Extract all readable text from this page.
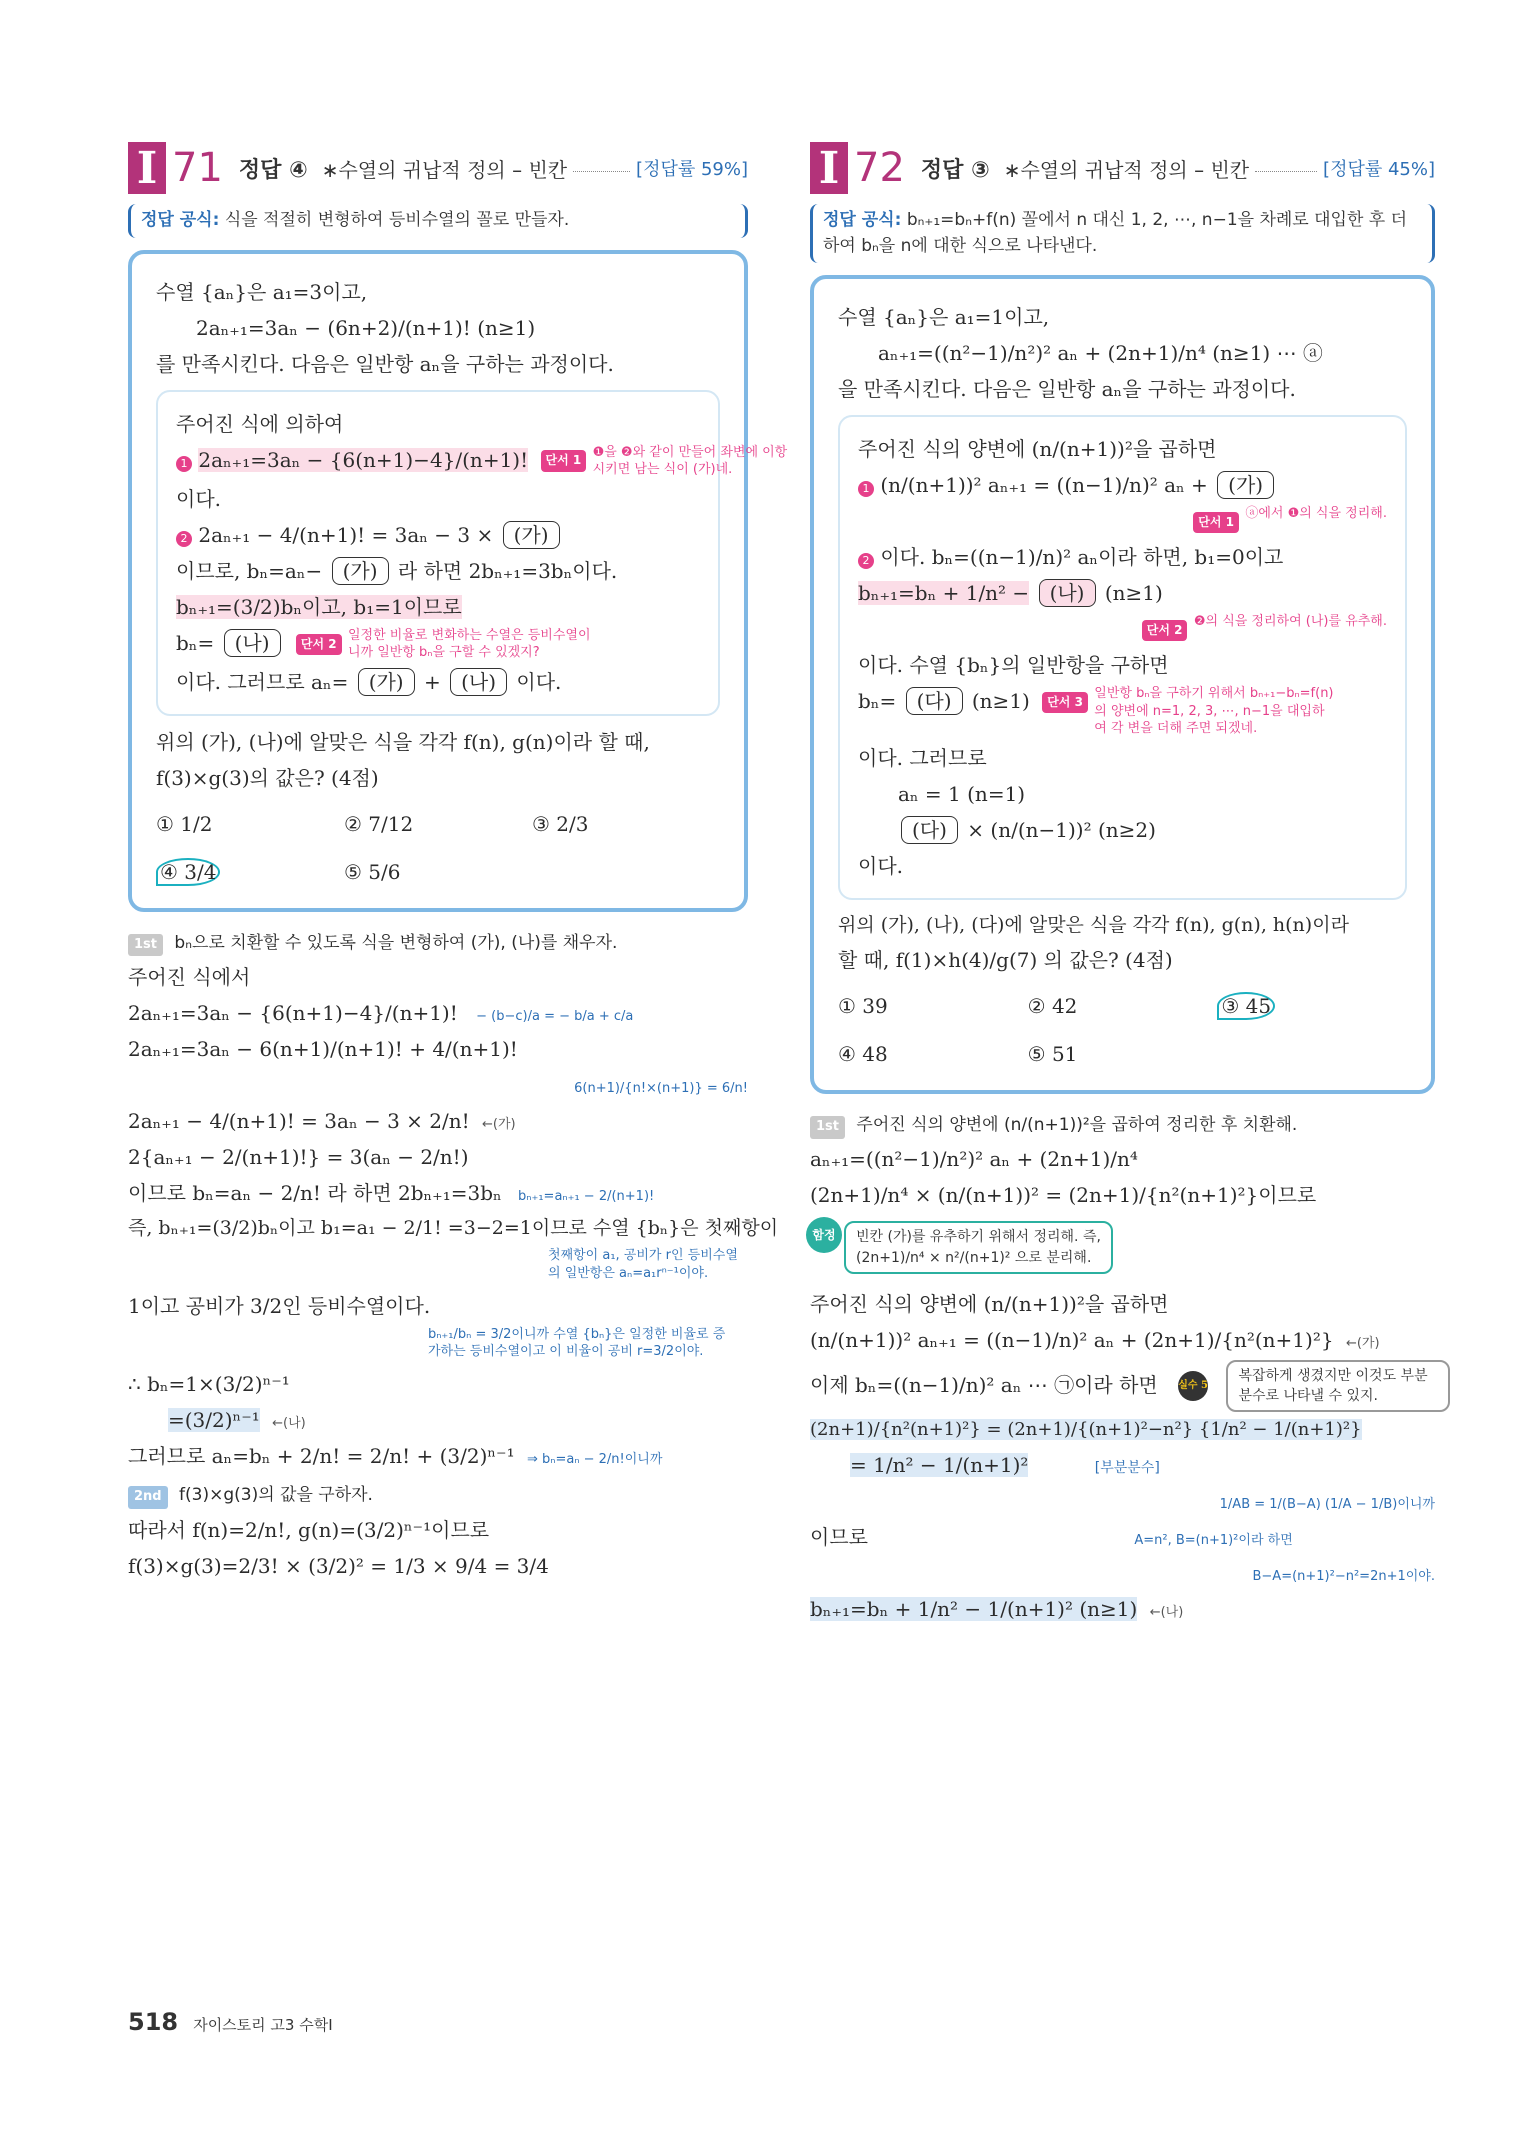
I 71 정답 ④ ∗수열의 귀납적 정의 – 빈칸	[정답률 59%]
정답 공식: 식을 적절히 변형하여 등비수열의 꼴로 만들자.
수열 {aₙ}은 a₁=3이고,
2aₙ₊₁=3aₙ − (6n+2)/(n+1)! (n≥1)
를 만족시킨다. 다음은 일반항 aₙ을 구하는 과정이다.
주어진 식에 의하여
1 2aₙ₊₁=3aₙ − {6(n+1)−4}/(n+1)! 단서 1 ❶을 ❷와 같이 만들어 좌변에 이항시키면 남는 식이 (가)네.
이다.
2 2aₙ₊₁ − 4/(n+1)! = 3aₙ − 3 × (가)
이므로, bₙ=aₙ− (가) 라 하면 2bₙ₊₁=3bₙ이다.
bₙ₊₁=(3/2)bₙ이고, b₁=1이므로
bₙ= (나)	단서 2 일정한 비율로 변화하는 수열은 등비수열이니까 일반항 bₙ을 구할 수 있겠지?
이다. 그러므로 aₙ= (가) + (나) 이다.
위의 (가), (나)에 알맞은 식을 각각 f(n), g(n)이라 할 때,
f(3)×g(3)의 값은? (4점)
① 1/2	② 7/12	③ 2/3
④ 3/4	⑤ 5/6
1st bₙ으로 치환할 수 있도록 식을 변형하여 (가), (나)를 채우자.
주어진 식에서
2aₙ₊₁=3aₙ − {6(n+1)−4}/(n+1)! − (b−c)/a = − b/a + c/a
2aₙ₊₁=3aₙ − 6(n+1)/(n+1)! + 4/(n+1)!
6(n+1)/{n!×(n+1)} = 6/n!
2aₙ₊₁ − 4/(n+1)! = 3aₙ − 3 × 2/n! ←(가)
2{aₙ₊₁ − 2/(n+1)!} = 3(aₙ − 2/n!)
이므로 bₙ=aₙ − 2/n! 라 하면 2bₙ₊₁=3bₙ bₙ₊₁=aₙ₊₁ − 2/(n+1)!
즉, bₙ₊₁=(3/2)bₙ이고 b₁=a₁ − 2/1! =3−2=1이므로 수열 {bₙ}은 첫째항이
첫째항이 a₁, 공비가 r인 등비수열의 일반항은 aₙ=a₁rⁿ⁻¹이야.
1이고 공비가 3/2인 등비수열이다.
bₙ₊₁/bₙ = 3/2이니까 수열 {bₙ}은 일정한 비율로 증가하는 등비수열이고 이 비율이 공비 r=3/2이야.
∴ bₙ=1×(3/2)ⁿ⁻¹
=(3/2)ⁿ⁻¹ ←(나)
그러므로 aₙ=bₙ + 2/n! = 2/n! + (3/2)ⁿ⁻¹ ⇒ bₙ=aₙ − 2/n!이니까
2nd f(3)×g(3)의 값을 구하자.
따라서 f(n)=2/n!, g(n)=(3/2)ⁿ⁻¹이므로
f(3)×g(3)=2/3! × (3/2)² = 1/3 × 9/4 = 3/4
I 72 정답 ③ ∗수열의 귀납적 정의 – 빈칸	[정답률 45%]
정답 공식: bₙ₊₁=bₙ+f(n) 꼴에서 n 대신 1, 2, ⋯, n−1을 차례로 대입한 후 더하여 bₙ을 n에 대한 식으로 나타낸다.
수열 {aₙ}은 a₁=1이고,
aₙ₊₁=((n²−1)/n²)² aₙ + (2n+1)/n⁴ (n≥1) ⋯ ⓐ
을 만족시킨다. 다음은 일반항 aₙ을 구하는 과정이다.
주어진 식의 양변에 (n/(n+1))²을 곱하면
1 (n/(n+1))² aₙ₊₁ = ((n−1)/n)² aₙ + (가)
단서 1 ⓐ에서 ❶의 식을 정리해.
2 이다. bₙ=((n−1)/n)² aₙ이라 하면, b₁=0이고
bₙ₊₁=bₙ + 1/n² − (나) (n≥1)
단서 2 ❷의 식을 정리하여 (나)를 유추해.
이다. 수열 {bₙ}의 일반항을 구하면
bₙ= (다) (n≥1) 단서 3 일반항 bₙ을 구하기 위해서 bₙ₊₁−bₙ=f(n)의 양변에 n=1, 2, 3, ⋯, n−1을 대입하여 각 변을 더해 주면 되겠네.
이다. 그러므로
aₙ = 1 (n=1)
(다) × (n/(n−1))² (n≥2)
이다.
위의 (가), (나), (다)에 알맞은 식을 각각 f(n), g(n), h(n)이라
할 때, f(1)×h(4)/g(7) 의 값은? (4점)
① 39	② 42	③ 45
④ 48	⑤ 51
1st 주어진 식의 양변에 (n/(n+1))²을 곱하여 정리한 후 치환해.
aₙ₊₁=((n²−1)/n²)² aₙ + (2n+1)/n⁴
(2n+1)/n⁴ × (n/(n+1))² = (2n+1)/{n²(n+1)²}이므로
함정	빈칸 (가)를 유추하기 위해서 정리해. 즉,
(2n+1)/n⁴ × n²/(n+1)² 으로 분리해.
주어진 식의 양변에 (n/(n+1))²을 곱하면
(n/(n+1))² aₙ₊₁ = ((n−1)/n)² aₙ + (2n+1)/{n²(n+1)²} ←(가)
이제 bₙ=((n−1)/n)² aₙ ⋯ ㉠이라 하면 실수 5 복잡하게 생겼지만 이것도 부분분수로 나타낼 수 있지.
(2n+1)/{n²(n+1)²} = (2n+1)/{(n+1)²−n²} {1/n² − 1/(n+1)²}
= 1/n² − 1/(n+1)²	[부분분수]
1/AB = 1/(B−A) (1/A − 1/B)이니까
이므로	A=n², B=(n+1)²이라 하면
B−A=(n+1)²−n²=2n+1이야.
bₙ₊₁=bₙ + 1/n² − 1/(n+1)² (n≥1) ←(나)
518 자이스토리 고3 수학Ⅰ
